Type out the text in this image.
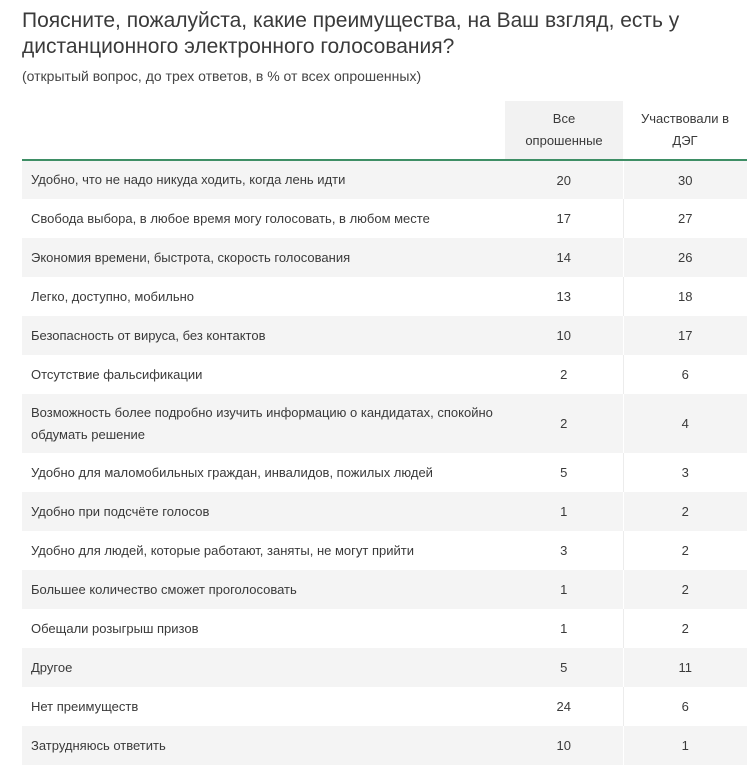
Поясните, пожалуйста, какие преимущества, на Ваш взгляд, есть у дистанционного электронного голосования?

(открытый вопрос, до трех ответов, в % от всех опрошенных)

	Все опрошенные	Участвовали в ДЭГ
Удобно, что не надо никуда ходить, когда лень идти	20	30
Свобода выбора, в любое время могу голосовать, в любом месте	17	27
Экономия времени, быстрота, скорость голосования	14	26
Легко, доступно, мобильно	13	18
Безопасность от вируса, без контактов	10	17
Отсутствие фальсификации	2	6
Возможность более подробно изучить информацию о кандидатах, спокойно обдумать решение	2	4
Удобно для маломобильных граждан, инвалидов, пожилых людей	5	3
Удобно при подсчёте голосов	1	2
Удобно для людей, которые работают, заняты, не могут прийти	3	2
Большее количество сможет проголосовать	1	2
Обещали розыгрыш призов	1	2
Другое	5	11
Нет преимуществ	24	6
Затрудняюсь ответить	10	1
